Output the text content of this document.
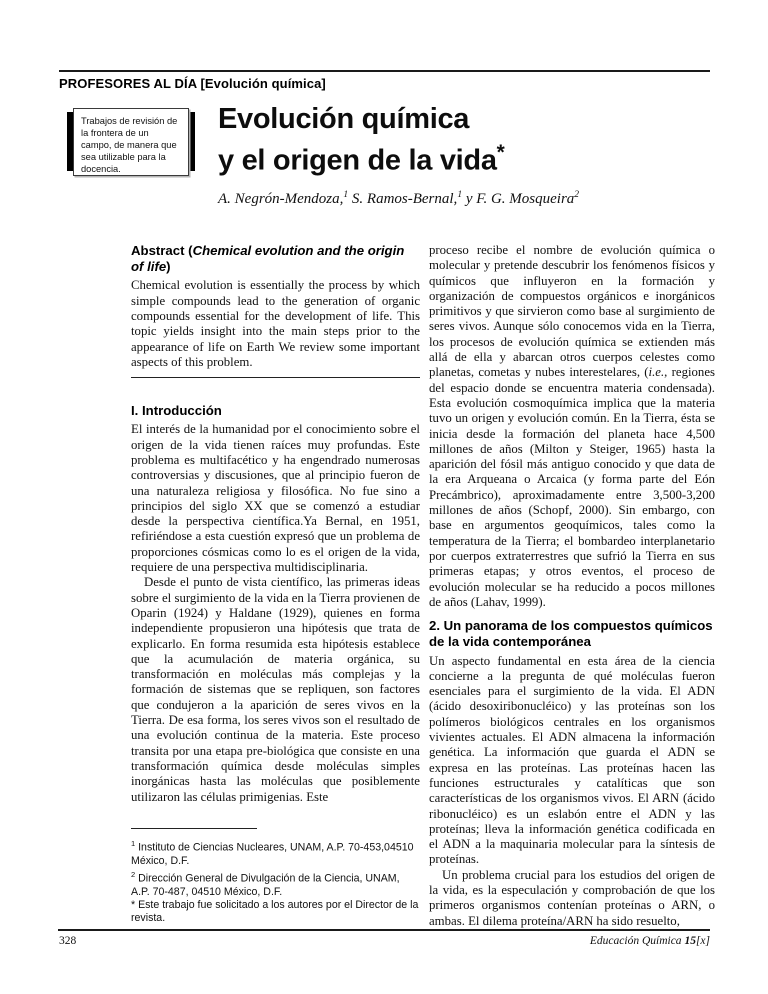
PROFESORES AL DÍA [Evolución química]
Trabajos de revisión de la frontera de un campo, de manera que sea utilizable para la docencia.
Evolución química
y el origen de la vida*
A. Negrón-Mendoza,$^1$ S. Ramos-Bernal,$^1$ y F. G. Mosqueira$^2$
Abstract (Chemical evolution and the origin of life)

Chemical evolution is essentially the process by which simple compounds lead to the generation of organic compounds essential for the development of life. This topic yields insight into the main steps prior to the appearance of life on Earth We review some important aspects of this problem.

I. Introducción

El interés de la humanidad por el conocimiento sobre el origen de la vida tienen raíces muy profundas. Este problema es multifacético y ha engendrado numerosas controversias y discusiones, que al principio fueron de una naturaleza religiosa y filosófica. No fue sino a principios del siglo XX que se comenzó a estudiar desde la perspectiva científica.Ya Bernal, en 1951, refiriéndose a esta cuestión expresó que un problema de proporciones cósmicas como lo es el origen de la vida, requiere de una perspectiva multidisciplinaria.

Desde el punto de vista científico, las primeras ideas sobre el surgimiento de la vida en la Tierra provienen de Oparin (1924) y Haldane (1929), quienes en forma independiente propusieron una hipótesis que trata de explicarlo. En forma resumida esta hipótesis establece que la acumulación de materia orgánica, su transformación en moléculas más complejas y la formación de sistemas que se repliquen, son factores que condujeron a la aparición de seres vivos en la Tierra. De esa forma, los seres vivos son el resultado de una evolución continua de la materia. Este proceso transita por una etapa pre-biológica que consiste en una transformación química desde moléculas simples inorgánicas hasta las moléculas que posiblemente utilizaron las células primigenias. Este

proceso recibe el nombre de evolución química o molecular y pretende descubrir los fenómenos físicos y químicos que influyeron en la formación y organización de compuestos orgánicos e inorgánicos primitivos y que sirvieron como base al surgimiento de seres vivos. Aunque sólo conocemos vida en la Tierra, los procesos de evolución química se extienden más allá de ella y abarcan otros cuerpos celestes como planetas, cometas y nubes interestelares, (i.e., regiones del espacio donde se encuentra materia condensada). Esta evolución cosmoquímica implica que la materia tuvo un origen y evolución común. En la Tierra, ésta se inicia desde la formación del planeta hace 4,500 millones de años (Milton y Steiger, 1965) hasta la aparición del fósil más antiguo conocido y que data de la era Arqueana o Arcaica (y forma parte del Eón Precámbrico), aproximadamente entre 3,500-3,200 millones de años (Schopf, 2000). Sin embargo, con base en argumentos geoquímicos, tales como la temperatura de la Tierra; el bombardeo interplanetario por cuerpos extraterrestres que sufrió la Tierra en sus primeras etapas; y otros eventos, el proceso de evolución molecular se ha reducido a pocos millones de años (Lahav, 1999).

2. Un panorama de los compuestos químicos
de la vida contemporánea

Un aspecto fundamental en esta área de la ciencia concierne a la pregunta de qué moléculas fueron esenciales para el surgimiento de la vida. El ADN (ácido desoxiribonucléico) y las proteínas son los polímeros biológicos centrales en los organismos vivientes actuales. El ADN almacena la información genética. La información que guarda el ADN se expresa en las proteínas. Las proteínas hacen las funciones estructurales y catalíticas que son características de los organismos vivos. El ARN (ácido ribonucléico) es un eslabón entre el ADN y las proteínas; lleva la información genética codificada en el ADN a la maquinaria molecular para la síntesis de proteínas.

Un problema crucial para los estudios del origen de la vida, es la especulación y comprobación de que los primeros organismos contenían proteínas o ARN, o ambas. El dilema proteína/ARN ha sido resuelto,

$^1$ Instituto de Ciencias Nucleares, UNAM, A.P. 70-453,04510 México, D.F.

$^2$ Dirección General de Divulgación de la Ciencia, UNAM, A.P. 70-487, 04510 México, D.F.

* Este trabajo fue solicitado a los autores por el Director de la revista.

328	Educación Química 15[x]
